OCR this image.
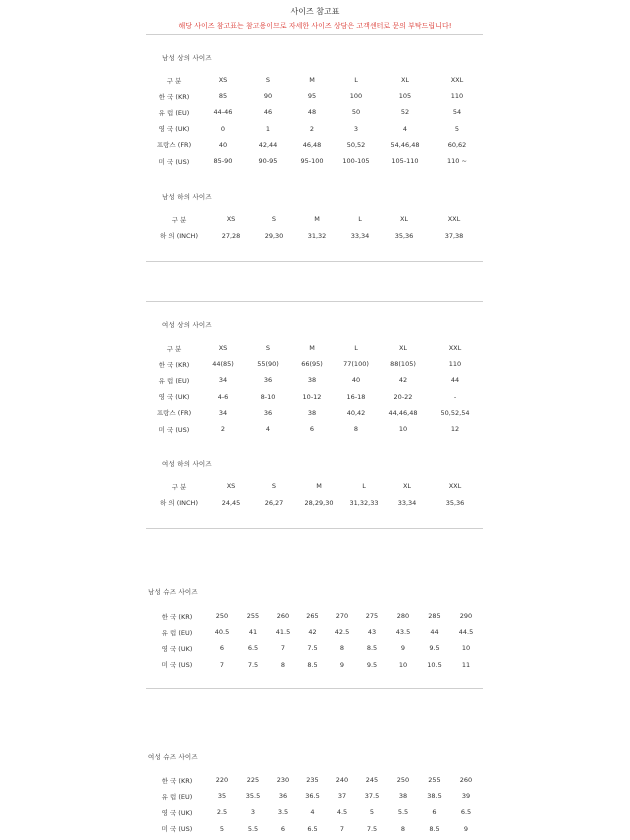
사이즈 참고표
해당 사이즈 참고표는 참고용이므로 자세한 사이즈 상담은 고객센터로 문의 부탁드립니다!
남성 상의 사이즈
구 분	XS	S	M	L	XL	XXL
한 국 (KR)	85	90	95	100	105	110
유 럽 (EU)	44-46	46	48	50	52	54
영 국 (UK)	0	1	2	3	4	5
프랑스 (FR)	40	42,44	46,48	50,52	54,46,48	60,62
미 국 (US)	85-90	90-95	95-100	100-105	105-110	110 ~
남성 하의 사이즈
구 분	XS	S	M	L	XL	XXL
하 의 (INCH)	27,28	29,30	31,32	33,34	35,36	37,38
여성 상의 사이즈
구 분	XS	S	M	L	XL	XXL
한 국 (KR)	44(85)	55(90)	66(95)	77(100)	88(105)	110
유 럽 (EU)	34	36	38	40	42	44
영 국 (UK)	4-6	8-10	10-12	16-18	20-22	-
프랑스 (FR)	34	36	38	40,42	44,46,48	50,52,54
미 국 (US)	2	4	6	8	10	12
여성 하의 사이즈
구 분	XS	S	M	L	XL	XXL
하 의 (INCH)	24,45	26,27	28,29,30	31,32,33	33,34	35,36
남성 슈즈 사이즈
한 국 (KR)	250	255	260	265	270	275	280	285	290
유 럽 (EU)	40.5	41	41.5	42	42.5	43	43.5	44	44.5
영 국 (UK)	6	6.5	7	7.5	8	8.5	9	9.5	10
미 국 (US)	7	7.5	8	8.5	9	9.5	10	10.5	11
여성 슈즈 사이즈
한 국 (KR)	220	225	230	235	240	245	250	255	260
유 럽 (EU)	35	35.5	36	36.5	37	37.5	38	38.5	39
영 국 (UK)	2.5	3	3.5	4	4.5	5	5.5	6	6.5
미 국 (US)	5	5.5	6	6.5	7	7.5	8	8.5	9
